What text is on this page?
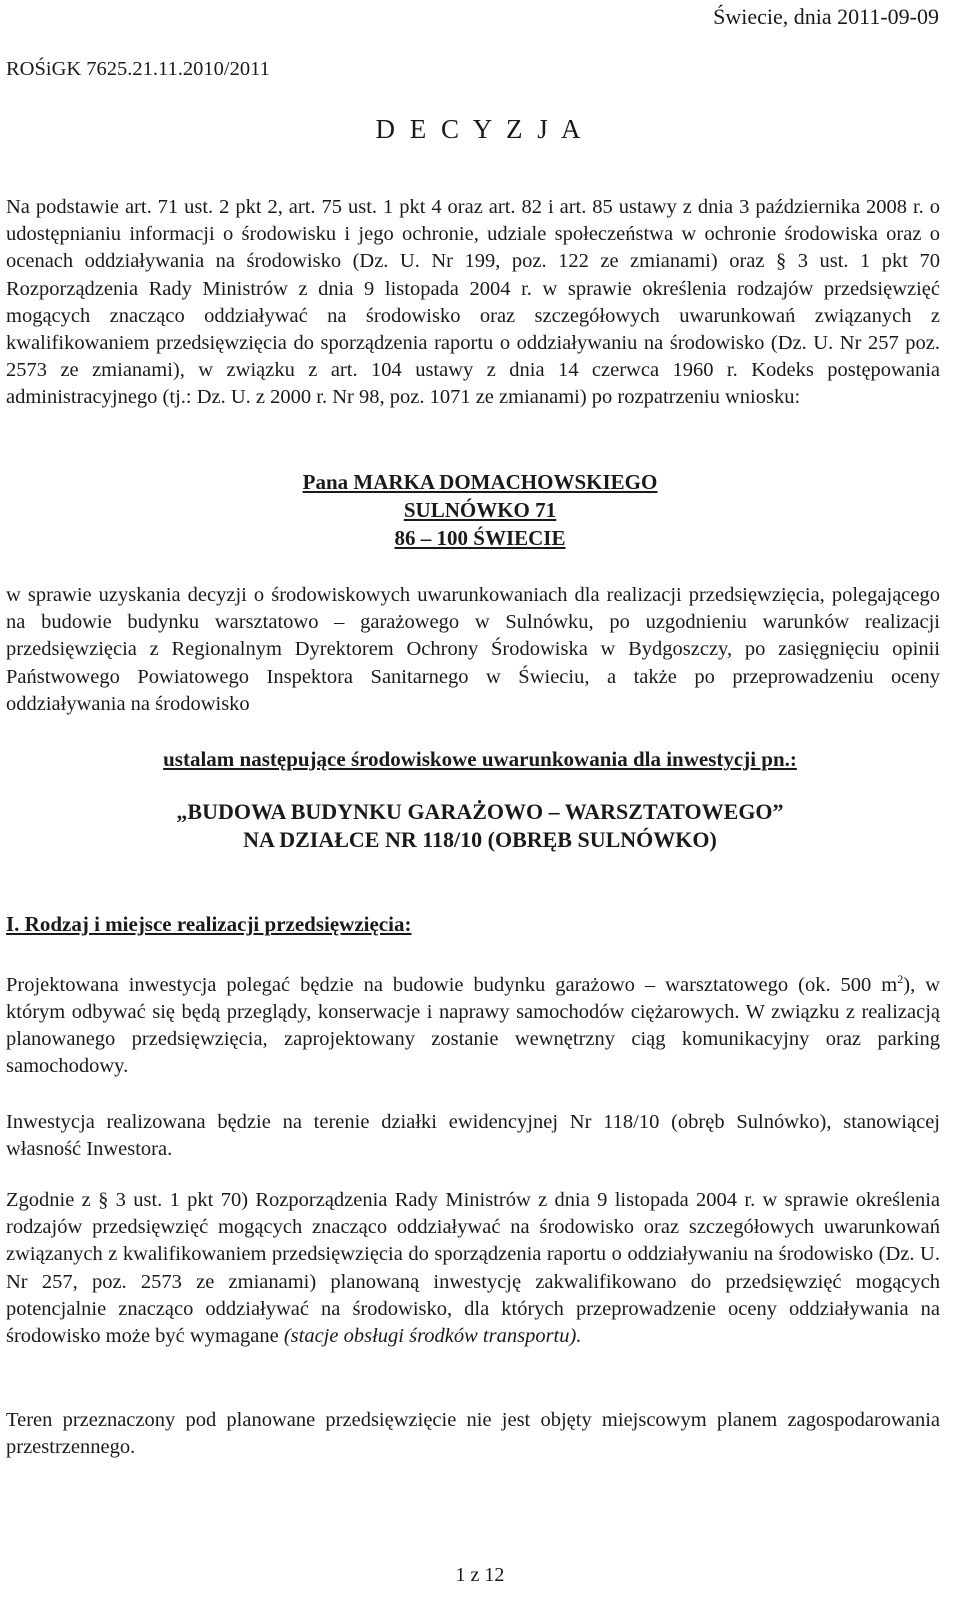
Świecie, dnia 2011-09-09

ROŚiGK 7625.21.11.2010/2011

D E C Y Z J A

Na podstawie art. 71 ust. 2 pkt 2, art. 75 ust. 1 pkt 4 oraz art. 82 i art. 85 ustawy z dnia 3 października 2008 r. o udostępnianiu informacji o środowisku i jego ochronie, udziale społeczeństwa w ochronie środowiska oraz o ocenach oddziaływania na środowisko (Dz. U. Nr 199, poz. 122 ze zmianami) oraz § 3 ust. 1 pkt 70 Rozporządzenia Rady Ministrów z dnia 9 listopada 2004 r. w sprawie określenia rodzajów przedsięwzięć mogących znacząco oddziaływać na środowisko oraz szczegółowych uwarunkowań związanych z kwalifikowaniem przedsięwzięcia do sporządzenia raportu o oddziaływaniu na środowisko (Dz. U. Nr 257 poz. 2573 ze zmianami), w związku z art. 104 ustawy z dnia 14 czerwca 1960 r. Kodeks postępowania administracyjnego (tj.: Dz. U. z 2000 r. Nr 98, poz. 1071 ze zmianami) po rozpatrzeniu wniosku:

Pana MARKA DOMACHOWSKIEGO
SULNÓWKO 71
86 – 100 ŚWIECIE

w sprawie uzyskania decyzji o środowiskowych uwarunkowaniach dla realizacji przedsięwzięcia, polegającego na budowie budynku warsztatowo – garażowego w Sulnówku, po uzgodnieniu warunków realizacji przedsięwzięcia z Regionalnym Dyrektorem Ochrony Środowiska w Bydgoszczy, po zasięgnięciu opinii Państwowego Powiatowego Inspektora Sanitarnego w Świeciu, a także po przeprowadzeniu oceny oddziaływania na środowisko

ustalam następujące środowiskowe uwarunkowania dla inwestycji pn.:
„BUDOWA BUDYNKU GARAŻOWO – WARSZTATOWEGO”
NA DZIAŁCE NR 118/10 (OBRĘB SULNÓWKO)

I. Rodzaj i miejsce realizacji przedsięwzięcia:

Projektowana inwestycja polegać będzie na budowie budynku garażowo – warsztatowego (ok. 500 $m^2$), w którym odbywać się będą przeglądy, konserwacje i naprawy samochodów ciężarowych. W związku z realizacją planowanego przedsięwzięcia, zaprojektowany zostanie wewnętrzny ciąg komunikacyjny oraz parking samochodowy.

Inwestycja realizowana będzie na terenie działki ewidencyjnej Nr 118/10 (obręb Sulnówko), stanowiącej własność Inwestora.

Zgodnie z § 3 ust. 1 pkt 70) Rozporządzenia Rady Ministrów z dnia 9 listopada 2004 r. w sprawie określenia rodzajów przedsięwzięć mogących znacząco oddziaływać na środowisko oraz szczegółowych uwarunkowań związanych z kwalifikowaniem przedsięwzięcia do sporządzenia raportu o oddziaływaniu na środowisko (Dz. U. Nr 257, poz. 2573 ze zmianami) planowaną inwestycję zakwalifikowano do przedsięwzięć mogących potencjalnie znacząco oddziaływać na środowisko, dla których przeprowadzenie oceny oddziaływania na środowisko może być wymagane (stacje obsługi środków transportu).

Teren przeznaczony pod planowane przedsięwzięcie nie jest objęty miejscowym planem zagospodarowania przestrzennego.

1 z 12
